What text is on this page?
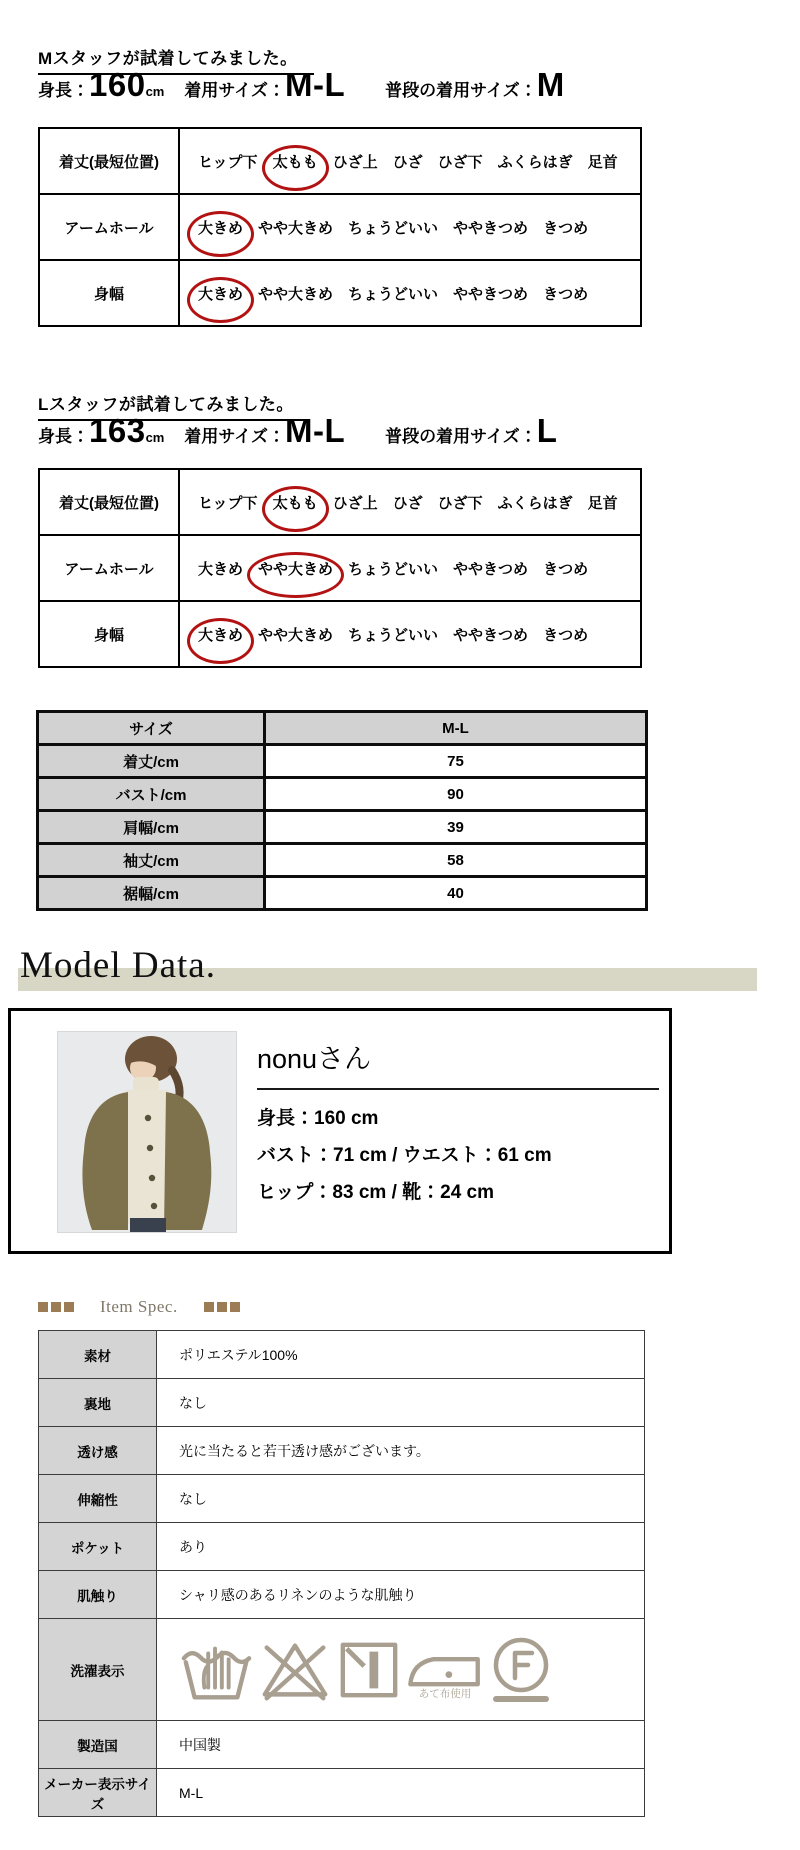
Mスタッフが試着してみました。
身長： 160 cm 着用サイズ： M-L 普段の着用サイズ： M
着丈(最短位置)	ヒップ下 太もも ひざ上 ひざ ひざ下 ふくらはぎ 足首
アームホール	大きめ やや大きめ ちょうどいい ややきつめ きつめ
身幅	大きめ やや大きめ ちょうどいい ややきつめ きつめ
Lスタッフが試着してみました。
身長： 163 cm 着用サイズ： M-L 普段の着用サイズ： L
着丈(最短位置)	ヒップ下 太もも ひざ上 ひざ ひざ下 ふくらはぎ 足首
アームホール	大きめ やや大きめ ちょうどいい ややきつめ きつめ
身幅	大きめ やや大きめ ちょうどいい ややきつめ きつめ
サイズ	M-L
着丈/cm	75
バスト/cm	90
肩幅/cm	39
袖丈/cm	58
裾幅/cm	40
Model Data.
nonuさん
身長：160 cm
バスト：71 cm / ウエスト：61 cm
ヒップ：83 cm / 靴：24 cm
Item Spec.
素材	ポリエステル100%
裏地	なし
透け感	光に当たると若干透け感がございます。
伸縮性	なし
ポケット	あり
肌触り	シャリ感のあるリネンのような肌触り
洗濯表示	あて布使用

製造国	中国製
メーカー表示サイズ	M-L
